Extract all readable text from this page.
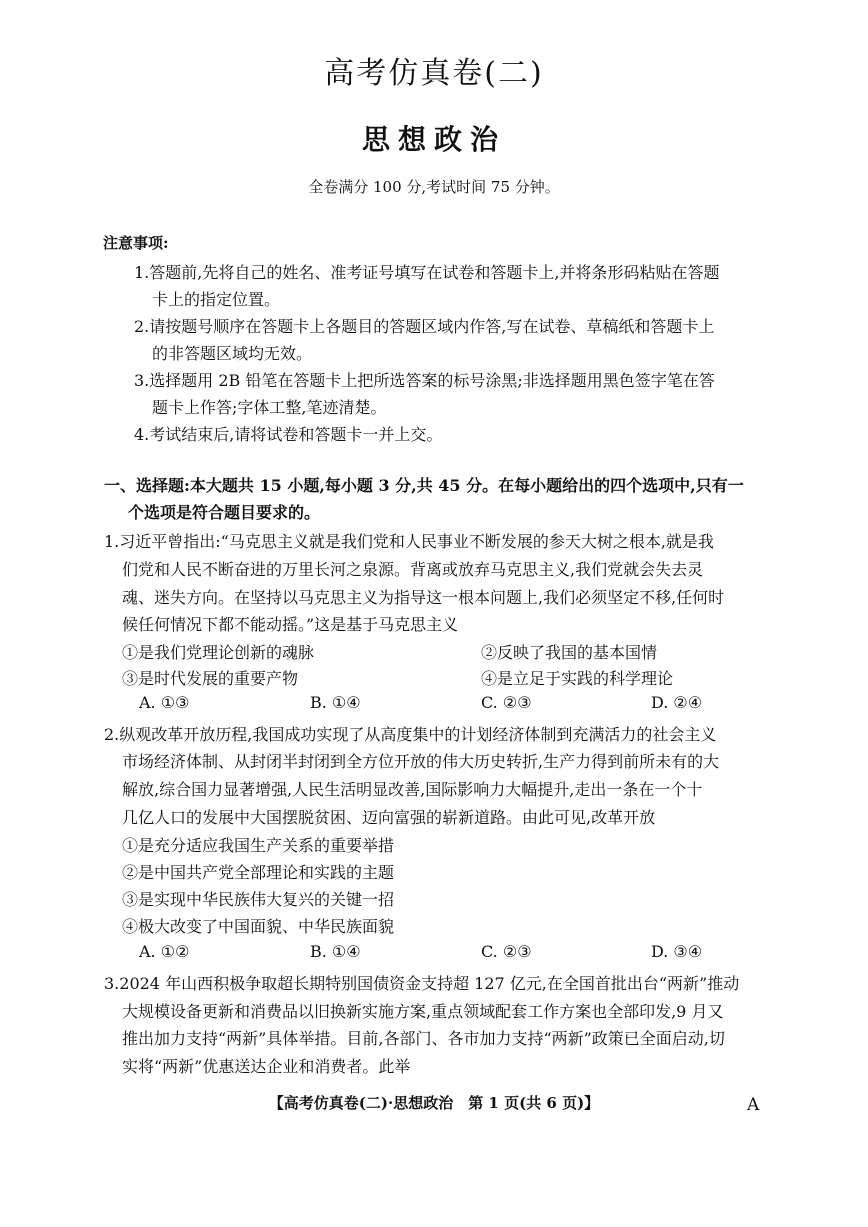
高考仿真卷(二)
思想政治
全卷满分 100 分,考试时间 75 分钟。
注意事项:
1.答题前,先将自己的姓名、准考证号填写在试卷和答题卡上,并将条形码粘贴在答题
卡上的指定位置。
2.请按题号顺序在答题卡上各题目的答题区域内作答,写在试卷、草稿纸和答题卡上
的非答题区域均无效。
3.选择题用 2B 铅笔在答题卡上把所选答案的标号涂黑;非选择题用黑色签字笔在答
题卡上作答;字体工整,笔迹清楚。
4.考试结束后,请将试卷和答题卡一并上交。
一、选择题:本大题共 15 小题,每小题 3 分,共 45 分。在每小题给出的四个选项中,只有一
个选项是符合题目要求的。
1.习近平曾指出:“马克思主义就是我们党和人民事业不断发展的参天大树之根本,就是我
们党和人民不断奋进的万里长河之泉源。背离或放弃马克思主义,我们党就会失去灵
魂、迷失方向。在坚持以马克思主义为指导这一根本问题上,我们必须坚定不移,任何时
候任何情况下都不能动摇。”这是基于马克思主义
①是我们党理论创新的魂脉	②反映了我国的基本国情
③是时代发展的重要产物	④是立足于实践的科学理论
A. ①③	B. ①④	C. ②③	D. ②④
2.纵观改革开放历程,我国成功实现了从高度集中的计划经济体制到充满活力的社会主义
市场经济体制、从封闭半封闭到全方位开放的伟大历史转折,生产力得到前所未有的大
解放,综合国力显著增强,人民生活明显改善,国际影响力大幅提升,走出一条在一个十
几亿人口的发展中大国摆脱贫困、迈向富强的崭新道路。由此可见,改革开放
①是充分适应我国生产关系的重要举措
②是中国共产党全部理论和实践的主题
③是实现中华民族伟大复兴的关键一招
④极大改变了中国面貌、中华民族面貌
A. ①②	B. ①④	C. ②③	D. ③④
3.2024 年山西积极争取超长期特别国债资金支持超 127 亿元,在全国首批出台“两新”推动
大规模设备更新和消费品以旧换新实施方案,重点领域配套工作方案也全部印发,9 月又
推出加力支持“两新”具体举措。目前,各部门、各市加力支持“两新”政策已全面启动,切
实将“两新”优惠送达企业和消费者。此举
【高考仿真卷(二)·思想政治　第 1 页(共 6 页)】	A
